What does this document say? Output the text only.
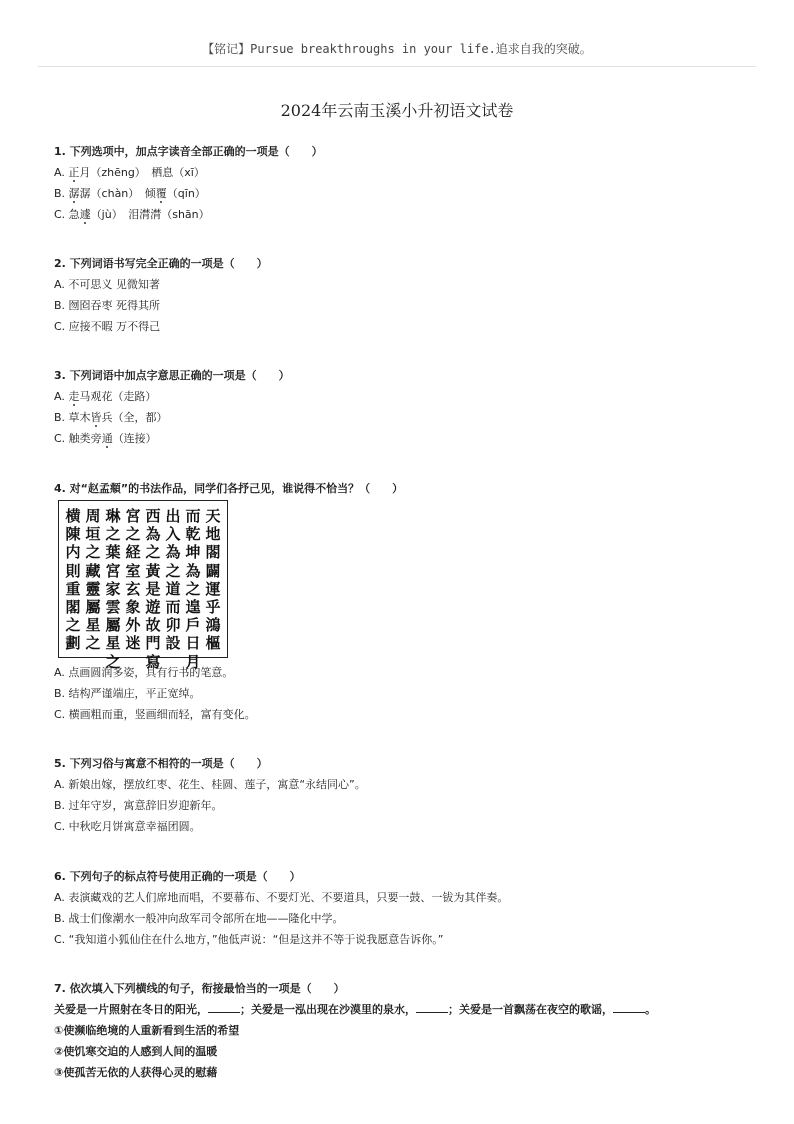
【铭记】Pursue breakthroughs in your life.追求自我的突破。
2024年云南玉溪小升初语文试卷
1. 下列选项中，加点字读音全部正确的一项是（　　）
A. 正月（zhēng）　栖息（xī）
B. 潺潺（chàn）　倾覆（qīn）
C. 急遽（jù）　泪潸潸（shān）
2. 下列词语书写完全正确的一项是（　　）
A. 不可思义 见微知著
B. 囫囵吞枣 死得其所
C. 应接不暇 万不得己
3. 下列词语中加点字意思正确的一项是（　　）
A. 走马观花（走路）
B. 草木皆兵（全，都）
C. 触类旁通（连接）
4. 对“赵孟頫”的书法作品，同学们各抒己见，谁说得不恰当？（　　）
天
地
閤
闢
運
乎
鴻
樞
而
乾
坤
為
之
遑
戶
日
月
出
入
為
之
道
而
卯
設
西
為
之
黃
是
遊
故
門
寫
宮
之
経
室
玄
象
外
迷
琳
之
葉
宮
家
雲
屬
星
之
周
垣
之
藏
靈
屬
星
之
横
陳
内
則
重
閣
之
劃
A. 点画圆润多姿，具有行书的笔意。
B. 结构严谨端庄，平正宽绰。
C. 横画粗而重，竖画细而轻，富有变化。
5. 下列习俗与寓意不相符的一项是（　　）
A. 新娘出嫁，摆放红枣、花生、桂圆、莲子，寓意“永结同心”。
B. 过年守岁，寓意辞旧岁迎新年。
C. 中秋吃月饼寓意幸福团圆。
6. 下列句子的标点符号使用正确的一项是（　　）
A. 表演藏戏的艺人们席地而唱，不要幕布、不要灯光、不要道具，只要一鼓、一钹为其伴奏。
B. 战士们像潮水一般冲向敌军司令部所在地——隆化中学。
C. “我知道小狐仙住在什么地方，”他低声说：“但是这并不等于说我愿意告诉你。”
7. 依次填入下列横线的句子，衔接最恰当的一项是（　　）
关爱是一片照射在冬日的阳光，	；关爱是一泓出现在沙漠里的泉水，	；关爱是一首飘荡在夜空的歌谣，	。
①使濒临绝境的人重新看到生活的希望
②使饥寒交迫的人感到人间的温暖
③使孤苦无依的人获得心灵的慰藉
